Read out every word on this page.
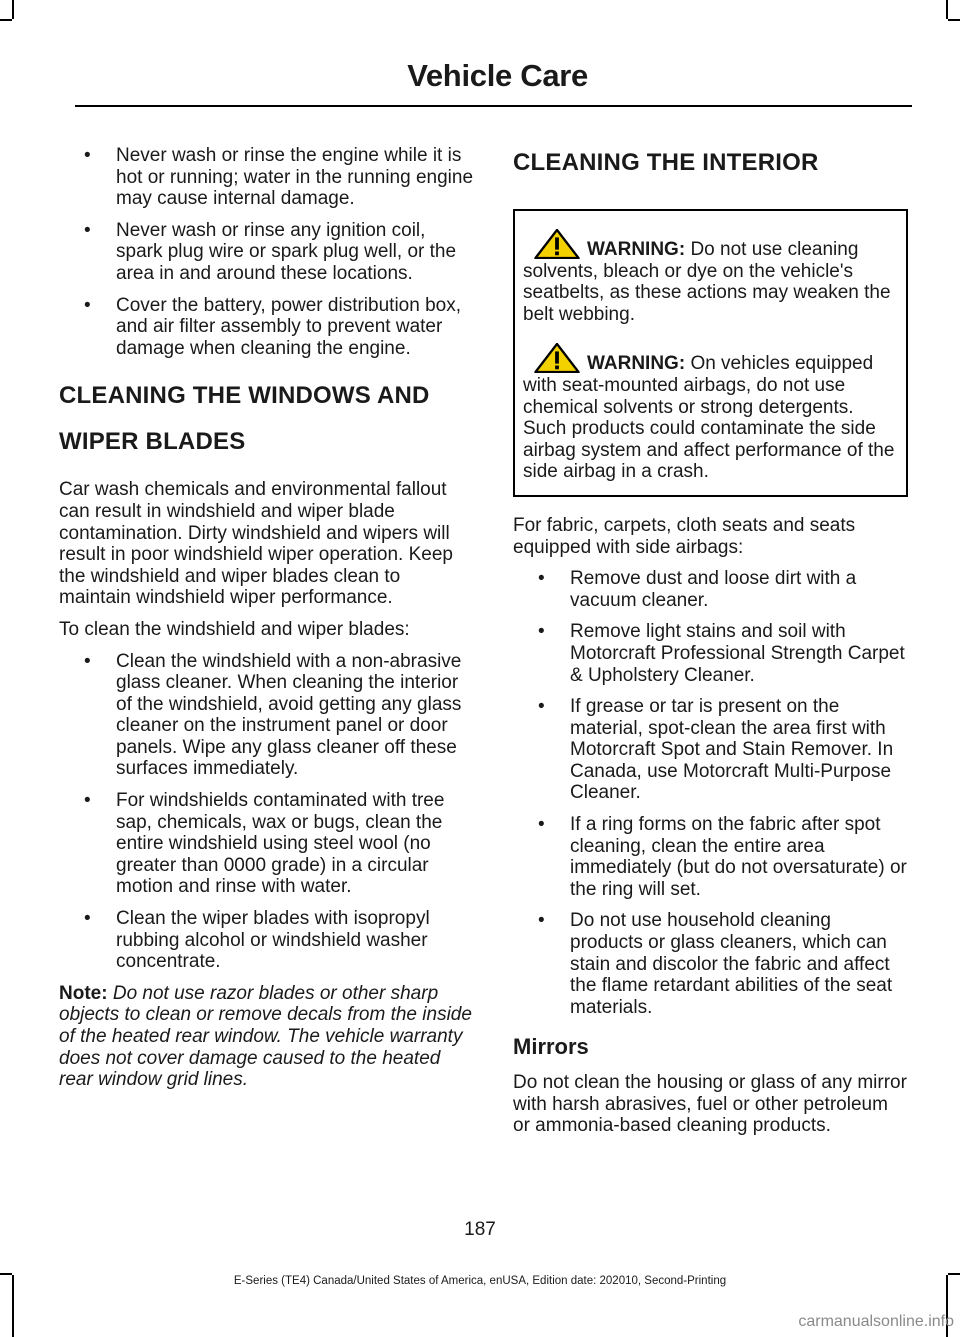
Vehicle Care
• Never wash or rinse the engine while it is hot or running; water in the running engine may cause internal damage.
• Never wash or rinse any ignition coil, spark plug wire or spark plug well, or the area in and around these locations.
• Cover the battery, power distribution box, and air filter assembly to prevent water damage when cleaning the engine.
CLEANING THE WINDOWS AND
WIPER BLADES

Car wash chemicals and environmental fallout can result in windshield and wiper blade contamination. Dirty windshield and wipers will result in poor windshield wiper operation. Keep the windshield and wiper blades clean to maintain windshield wiper performance.

To clean the windshield and wiper blades:

• Clean the windshield with a non-abrasive glass cleaner. When cleaning the interior of the windshield, avoid getting any glass cleaner on the instrument panel or door panels. Wipe any glass cleaner off these surfaces immediately.
• For windshields contaminated with tree sap, chemicals, wax or bugs, clean the entire windshield using steel wool (no greater than 0000 grade) in a circular motion and rinse with water.
• Clean the wiper blades with isopropyl rubbing alcohol or windshield washer concentrate.

Note: Do not use razor blades or other sharp objects to clean or remove decals from the inside of the heated rear window. The vehicle warranty does not cover damage caused to the heated rear window grid lines.

CLEANING THE INTERIOR
WARNING: Do not use cleaning solvents, bleach or dye on the vehicle's seatbelts, as these actions may weaken the belt webbing.
WARNING: On vehicles equipped with seat-mounted airbags, do not use chemical solvents or strong detergents. Such products could contaminate the side airbag system and affect performance of the side airbag in a crash.

For fabric, carpets, cloth seats and seats equipped with side airbags:

• Remove dust and loose dirt with a vacuum cleaner.
• Remove light stains and soil with Motorcraft Professional Strength Carpet & Upholstery Cleaner.
• If grease or tar is present on the material, spot-clean the area first with Motorcraft Spot and Stain Remover. In Canada, use Motorcraft Multi-Purpose Cleaner.
• If a ring forms on the fabric after spot cleaning, clean the entire area immediately (but do not oversaturate) or the ring will set.
• Do not use household cleaning products or glass cleaners, which can stain and discolor the fabric and affect the flame retardant abilities of the seat materials.
Mirrors

Do not clean the housing or glass of any mirror with harsh abrasives, fuel or other petroleum or ammonia-based cleaning products.

187
E-Series (TE4) Canada/United States of America, enUSA, Edition date: 202010, Second-Printing
carmanualsonline.info
